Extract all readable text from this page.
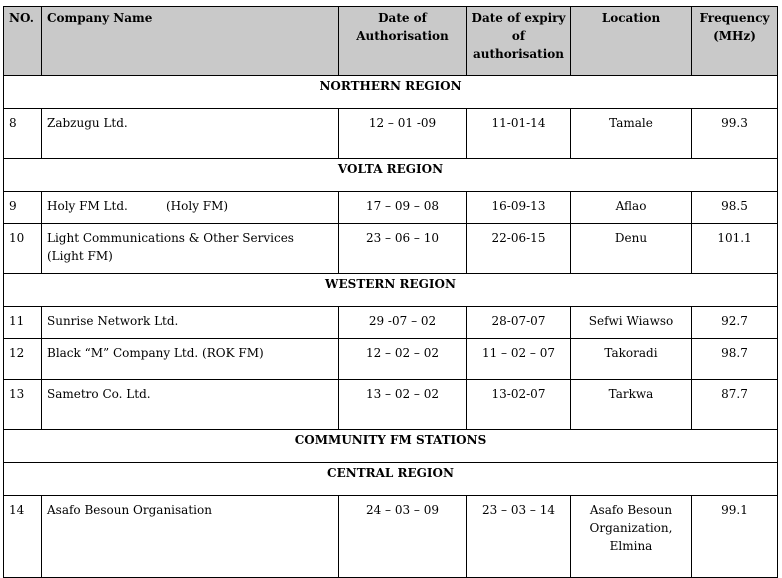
NO.	Company Name	Date of Authorisation	Date of expiry of authorisation	Location	Frequency (MHz)
NORTHERN REGION					
8	Zabzugu Ltd.	12 – 01 -09	11-01-14	Tamale	99.3
VOLTA REGION					
9	Holy FM Ltd.          (Holy FM)	17 – 09 – 08	16-09-13	Aflao	98.5
10	Light Communications & Other Services (Light FM)	23 – 06 – 10	22-06-15	Denu	101.1
WESTERN REGION					
11	Sunrise Network Ltd.	29 -07 – 02	28-07-07	Sefwi Wiawso	92.7
12	Black “M” Company Ltd. (ROK FM)	12 – 02 – 02	11 – 02 – 07	Takoradi	98.7
13	Sametro Co. Ltd.	13 – 02 – 02	13-02-07	Tarkwa	87.7
COMMUNITY FM STATIONS					
CENTRAL REGION					
14	Asafo Besoun Organisation	24 – 03 – 09	23 – 03 – 14	Asafo Besoun Organization, Elmina	99.1
